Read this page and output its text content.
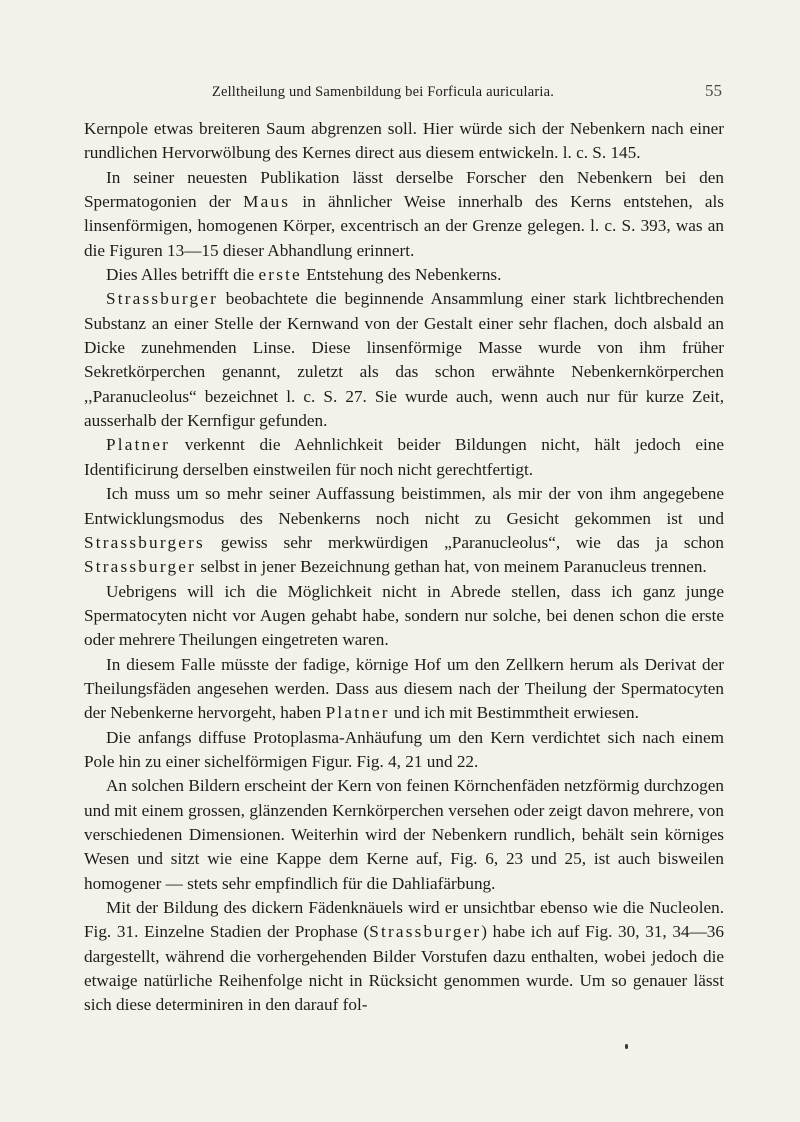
Zelltheilung und Samenbildung bei Forficula auricularia.	55

Kernpole etwas breiteren Saum abgrenzen soll. Hier würde sich der Nebenkern nach einer rundlichen Hervorwölbung des Kernes direct aus diesem entwickeln. l. c. S. 145.

In seiner neuesten Publikation lässt derselbe Forscher den Nebenkern bei den Spermatogonien der Maus in ähnlicher Weise innerhalb des Kerns entstehen, als linsenförmigen, homogenen Körper, excentrisch an der Grenze gelegen. l. c. S. 393, was an die Figuren 13—15 dieser Abhandlung erinnert.

Dies Alles betrifft die erste Entstehung des Nebenkerns.

Strassburger beobachtete die beginnende Ansammlung einer stark lichtbrechenden Substanz an einer Stelle der Kernwand von der Gestalt einer sehr flachen, doch alsbald an Dicke zunehmenden Linse. Diese linsenförmige Masse wurde von ihm früher Sekretkörperchen genannt, zuletzt als das schon erwähnte Nebenkernkörperchen ,,Paranucleolus“ bezeichnet l. c. S. 27. Sie wurde auch, wenn auch nur für kurze Zeit, ausserhalb der Kernfigur gefunden.

Platner verkennt die Aehnlichkeit beider Bildungen nicht, hält jedoch eine Identificirung derselben einstweilen für noch nicht gerechtfertigt.

Ich muss um so mehr seiner Auffassung beistimmen, als mir der von ihm angegebene Entwicklungsmodus des Nebenkerns noch nicht zu Gesicht gekommen ist und Strassburgers gewiss sehr merkwürdigen „Paranucleolus“, wie das ja schon Strassburger selbst in jener Bezeichnung gethan hat, von meinem Paranucleus trennen.

Uebrigens will ich die Möglichkeit nicht in Abrede stellen, dass ich ganz junge Spermatocyten nicht vor Augen gehabt habe, sondern nur solche, bei denen schon die erste oder mehrere Theilungen eingetreten waren.

In diesem Falle müsste der fadige, körnige Hof um den Zellkern herum als Derivat der Theilungsfäden angesehen werden. Dass aus diesem nach der Theilung der Spermatocyten der Nebenkerne hervorgeht, haben Platner und ich mit Bestimmtheit erwiesen.

Die anfangs diffuse Protoplasma-Anhäufung um den Kern verdichtet sich nach einem Pole hin zu einer sichelförmigen Figur. Fig. 4, 21 und 22.

An solchen Bildern erscheint der Kern von feinen Körnchenfäden netzförmig durchzogen und mit einem grossen, glänzenden Kernkörperchen versehen oder zeigt davon mehrere, von verschiedenen Dimensionen. Weiterhin wird der Nebenkern rundlich, behält sein körniges Wesen und sitzt wie eine Kappe dem Kerne auf, Fig. 6, 23 und 25, ist auch bisweilen homogener — stets sehr empfindlich für die Dahliafärbung.

Mit der Bildung des dickern Fädenknäuels wird er unsichtbar ebenso wie die Nucleolen. Fig. 31. Einzelne Stadien der Prophase (Strassburger) habe ich auf Fig. 30, 31, 34—36 dargestellt, während die vorhergehenden Bilder Vorstufen dazu enthalten, wobei jedoch die etwaige natürliche Reihenfolge nicht in Rücksicht genommen wurde. Um so genauer lässt sich diese determiniren in den darauf fol-
